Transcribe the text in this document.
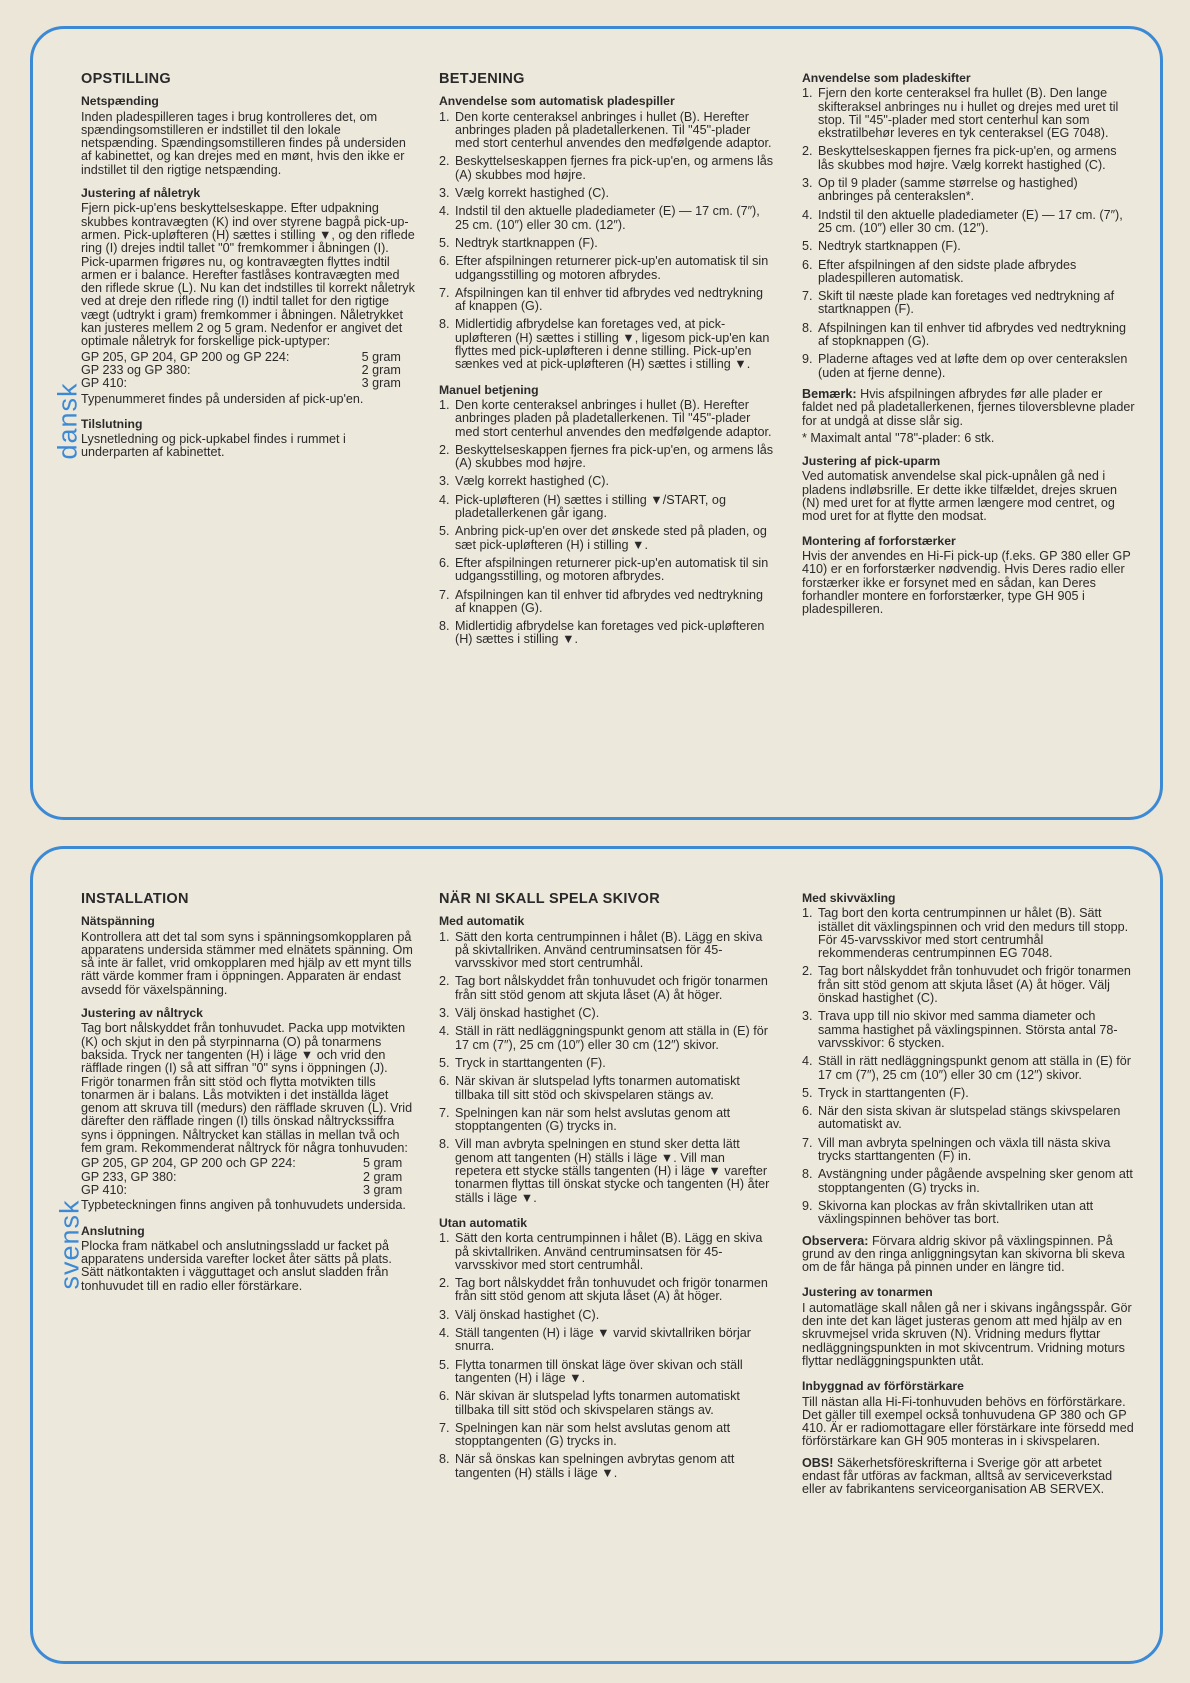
dansk
OPSTILLING
Netspænding

Inden pladespilleren tages i brug kontrolleres det, om spændingsomstilleren er indstillet til den lokale netspænding. Spændingsomstilleren findes på undersiden af kabinettet, og kan drejes med en mønt, hvis den ikke er indstillet til den rigtige netspænding.

Justering af nåletryk

Fjern pick-up'ens beskyttelseskappe. Efter udpakning skubbes kontravægten (K) ind over styrene bagpå pick-up-armen. Pick-upløfteren (H) sættes i stilling ▼, og den riflede ring (I) drejes indtil tallet "0" fremkommer i åbningen (I). Pick-uparmen frigøres nu, og kontravægten flyttes indtil armen er i balance. Herefter fastlåses kontravægten med den riflede skrue (L). Nu kan det indstilles til korrekt nåletryk ved at dreje den riflede ring (I) indtil tallet for den rigtige vægt (udtrykt i gram) fremkommer i åbningen. Nåletrykket kan justeres mellem 2 og 5 gram. Nedenfor er angivet det optimale nåletryk for forskellige pick-uptyper:

GP 205, GP 204, GP 200 og GP 224:	5 gram
GP 233 og GP 380:	2 gram
GP 410:	3 gram

Typenummeret findes på undersiden af pick-up'en.

Tilslutning

Lysnetledning og pick-upkabel findes i rummet i underparten af kabinettet.

BETJENING
Anvendelse som automatisk pladespiller
1. Den korte centeraksel anbringes i hullet (B). Herefter anbringes pladen på pladetallerkenen. Til "45"-plader med stort centerhul anvendes den medfølgende adaptor.
2. Beskyttelseskappen fjernes fra pick-up'en, og armens lås (A) skubbes mod højre.
3. Vælg korrekt hastighed (C).
4. Indstil til den aktuelle pladediameter (E) — 17 cm. (7″), 25 cm. (10″) eller 30 cm. (12″).
5. Nedtryk startknappen (F).
6. Efter afspilningen returnerer pick-up'en automatisk til sin udgangsstilling og motoren afbrydes.
7. Afspilningen kan til enhver tid afbrydes ved nedtrykning af knappen (G).
8. Midlertidig afbrydelse kan foretages ved, at pick-upløfteren (H) sættes i stilling ▼, ligesom pick-up'en kan flyttes med pick-upløfteren i denne stilling. Pick-up'en sænkes ved at pick-upløfteren (H) sættes i stilling ▼.
Manuel betjening
1. Den korte centeraksel anbringes i hullet (B). Herefter anbringes pladen på pladetallerkenen. Til "45"-plader med stort centerhul anvendes den medfølgende adaptor.
2. Beskyttelseskappen fjernes fra pick-up'en, og armens lås (A) skubbes mod højre.
3. Vælg korrekt hastighed (C).
4. Pick-upløfteren (H) sættes i stilling ▼/START, og pladetallerkenen går igang.
5. Anbring pick-up'en over det ønskede sted på pladen, og sæt pick-upløfteren (H) i stilling ▼.
6. Efter afspilningen returnerer pick-up'en automatisk til sin udgangsstilling, og motoren afbrydes.
7. Afspilningen kan til enhver tid afbrydes ved nedtrykning af knappen (G).
8. Midlertidig afbrydelse kan foretages ved pick-upløfteren (H) sættes i stilling ▼.
Anvendelse som pladeskifter
1. Fjern den korte centeraksel fra hullet (B). Den lange skifteraksel anbringes nu i hullet og drejes med uret til stop. Til "45"-plader med stort centerhul kan som ekstratilbehør leveres en tyk centeraksel (EG 7048).
2. Beskyttelseskappen fjernes fra pick-up'en, og armens lås skubbes mod højre. Vælg korrekt hastighed (C).
3. Op til 9 plader (samme størrelse og hastighed) anbringes på centerakslen*.
4. Indstil til den aktuelle pladediameter (E) — 17 cm. (7″), 25 cm. (10″) eller 30 cm. (12″).
5. Nedtryk startknappen (F).
6. Efter afspilningen af den sidste plade afbrydes pladespilleren automatisk.
7. Skift til næste plade kan foretages ved nedtrykning af startknappen (F).
8. Afspilningen kan til enhver tid afbrydes ved nedtrykning af stopknappen (G).
9. Pladerne aftages ved at løfte dem op over centerakslen (uden at fjerne denne).

Bemærk: Hvis afspilningen afbrydes før alle plader er faldet ned på pladetallerkenen, fjernes tiloversblevne plader for at undgå at disse slår sig.

* Maximalt antal "78"-plader: 6 stk.

Justering af pick-uparm

Ved automatisk anvendelse skal pick-upnålen gå ned i pladens indløbsrille. Er dette ikke tilfældet, drejes skruen (N) med uret for at flytte armen længere mod centret, og mod uret for at flytte den modsat.

Montering af forforstærker

Hvis der anvendes en Hi-Fi pick-up (f.eks. GP 380 eller GP 410) er en forforstærker nødvendig. Hvis Deres radio eller forstærker ikke er forsynet med en sådan, kan Deres forhandler montere en forforstærker, type GH 905 i pladespilleren.

svensk
INSTALLATION
Nätspänning

Kontrollera att det tal som syns i spänningsomkopplaren på apparatens undersida stämmer med elnätets spänning. Om så inte är fallet, vrid omkopplaren med hjälp av ett mynt tills rätt värde kommer fram i öppningen. Apparaten är endast avsedd för växelspänning.

Justering av nåltryck

Tag bort nålskyddet från tonhuvudet. Packa upp motvikten (K) och skjut in den på styrpinnarna (O) på tonarmens baksida. Tryck ner tangenten (H) i läge ▼ och vrid den räfflade ringen (I) så att siffran "0" syns i öppningen (J). Frigör tonarmen från sitt stöd och flytta motvikten tills tonarmen är i balans. Lås motvikten i det inställda läget genom att skruva till (medurs) den räfflade skruven (L). Vrid därefter den räfflade ringen (I) tills önskad nåltryckssiffra syns i öppningen. Nåltrycket kan ställas in mellan två och fem gram. Rekommenderat nåltryck för några tonhuvuden:

GP 205, GP 204, GP 200 och GP 224:	5 gram
GP 233, GP 380:	2 gram
GP 410:	3 gram

Typbeteckningen finns angiven på tonhuvudets undersida.

Anslutning

Plocka fram nätkabel och anslutningssladd ur facket på apparatens undersida varefter locket åter sätts på plats. Sätt nätkontakten i vägguttaget och anslut sladden från tonhuvudet till en radio eller förstärkare.

NÄR NI SKALL SPELA SKIVOR
Med automatik
1. Sätt den korta centrumpinnen i hålet (B). Lägg en skiva på skivtallriken. Använd centruminsatsen för 45-varvsskivor med stort centrumhål.
2. Tag bort nålskyddet från tonhuvudet och frigör tonarmen från sitt stöd genom att skjuta låset (A) åt höger.
3. Välj önskad hastighet (C).
4. Ställ in rätt nedläggningspunkt genom att ställa in (E) för 17 cm (7″), 25 cm (10″) eller 30 cm (12″) skivor.
5. Tryck in starttangenten (F).
6. När skivan är slutspelad lyfts tonarmen automatiskt tillbaka till sitt stöd och skivspelaren stängs av.
7. Spelningen kan när som helst avslutas genom att stopptangenten (G) trycks in.
8. Vill man avbryta spelningen en stund sker detta lätt genom att tangenten (H) ställs i läge ▼. Vill man repetera ett stycke ställs tangenten (H) i läge ▼ varefter tonarmen flyttas till önskat stycke och tangenten (H) åter ställs i läge ▼.
Utan automatik
1. Sätt den korta centrumpinnen i hålet (B). Lägg en skiva på skivtallriken. Använd centruminsatsen för 45-varvsskivor med stort centrumhål.
2. Tag bort nålskyddet från tonhuvudet och frigör tonarmen från sitt stöd genom att skjuta låset (A) åt höger.
3. Välj önskad hastighet (C).
4. Ställ tangenten (H) i läge ▼ varvid skivtallriken börjar snurra.
5. Flytta tonarmen till önskat läge över skivan och ställ tangenten (H) i läge ▼.
6. När skivan är slutspelad lyfts tonarmen automatiskt tillbaka till sitt stöd och skivspelaren stängs av.
7. Spelningen kan när som helst avslutas genom att stopptangenten (G) trycks in.
8. När så önskas kan spelningen avbrytas genom att tangenten (H) ställs i läge ▼.
Med skivväxling
1. Tag bort den korta centrumpinnen ur hålet (B). Sätt istället dit växlingspinnen och vrid den medurs till stopp. För 45-varvsskivor med stort centrumhål rekommenderas centrumpinnen EG 7048.
2. Tag bort nålskyddet från tonhuvudet och frigör tonarmen från sitt stöd genom att skjuta låset (A) åt höger. Välj önskad hastighet (C).
3. Trava upp till nio skivor med samma diameter och samma hastighet på växlingspinnen. Största antal 78-varvsskivor: 6 stycken.
4. Ställ in rätt nedläggningspunkt genom att ställa in (E) för 17 cm (7″), 25 cm (10″) eller 30 cm (12″) skivor.
5. Tryck in starttangenten (F).
6. När den sista skivan är slutspelad stängs skivspelaren automatiskt av.
7. Vill man avbryta spelningen och växla till nästa skiva trycks starttangenten (F) in.
8. Avstängning under pågående avspelning sker genom att stopptangenten (G) trycks in.
9. Skivorna kan plockas av från skivtallriken utan att växlingspinnen behöver tas bort.

Observera: Förvara aldrig skivor på växlingspinnen. På grund av den ringa anliggningsytan kan skivorna bli skeva om de får hänga på pinnen under en längre tid.

Justering av tonarmen

I automatläge skall nålen gå ner i skivans ingångsspår. Gör den inte det kan läget justeras genom att med hjälp av en skruvmejsel vrida skruven (N). Vridning medurs flyttar nedläggningspunkten in mot skivcentrum. Vridning moturs flyttar nedläggningspunkten utåt.

Inbyggnad av förförstärkare

Till nästan alla Hi-Fi-tonhuvuden behövs en förförstärkare. Det gäller till exempel också tonhuvudena GP 380 och GP 410. Är er radiomottagare eller förstärkare inte försedd med förförstärkare kan GH 905 monteras in i skivspelaren.

OBS! Säkerhetsföreskrifterna i Sverige gör att arbetet endast får utföras av fackman, alltså av serviceverkstad eller av fabrikantens serviceorganisation AB SERVEX.
